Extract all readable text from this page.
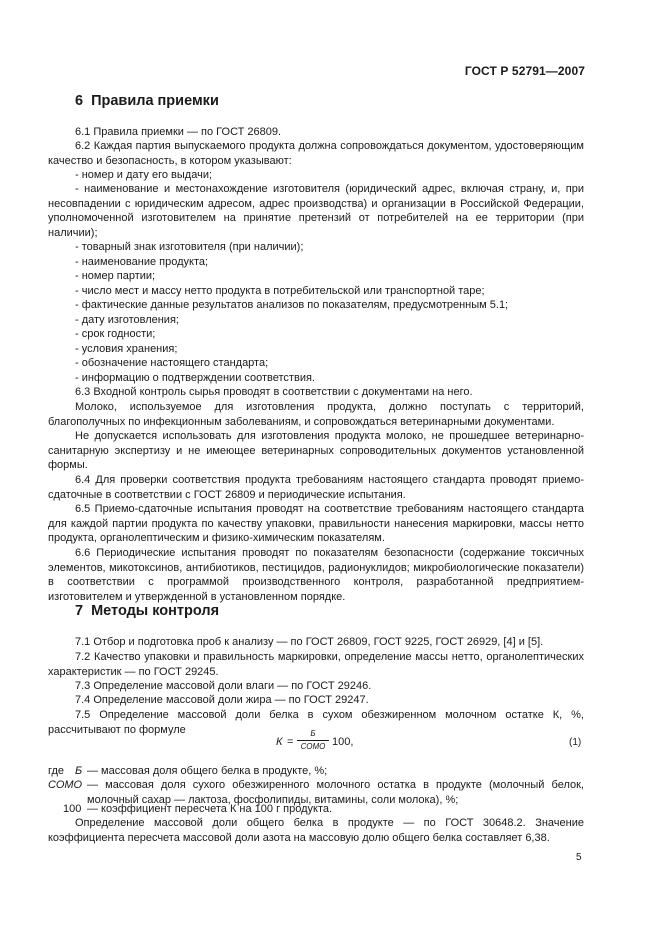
ГОСТ Р 52791—2007
6 Правила приемки

6.1 Правила приемки — по ГОСТ 26809.

6.2 Каждая партия выпускаемого продукта должна сопровождаться документом, удостоверяющим качество и безопасность, в котором указывают:

- номер и дату его выдачи;

- наименование и местонахождение изготовителя (юридический адрес, включая страну, и, при несовпадении с юридическим адресом, адрес производства) и организации в Российской Федерации, уполномоченной изготовителем на принятие претензий от потребителей на ее территории (при наличии);

- товарный знак изготовителя (при наличии);

- наименование продукта;

- номер партии;

- число мест и массу нетто продукта в потребительской или транспортной таре;

- фактические данные результатов анализов по показателям, предусмотренным 5.1;

- дату изготовления;

- срок годности;

- условия хранения;

- обозначение настоящего стандарта;

- информацию о подтверждении соответствия.

6.3 Входной контроль сырья проводят в соответствии с документами на него.

Молоко, используемое для изготовления продукта, должно поступать с территорий, благополучных по инфекционным заболеваниям, и сопровождаться ветеринарными документами.

Не допускается использовать для изготовления продукта молоко, не прошедшее ветеринарно-санитарную экспертизу и не имеющее ветеринарных сопроводительных документов установленной формы.

6.4 Для проверки соответствия продукта требованиям настоящего стандарта проводят приемо-сдаточные в соответствии с ГОСТ 26809 и периодические испытания.

6.5 Приемо-сдаточные испытания проводят на соответствие требованиям настоящего стандарта для каждой партии продукта по качеству упаковки, правильности нанесения маркировки, массы нетто продукта, органолептическим и физико-химическим показателям.

6.6 Периодические испытания проводят по показателям безопасности (содержание токсичных элементов, микотоксинов, антибиотиков, пестицидов, радионуклидов; микробиологические показатели) в соответствии с программой производственного контроля, разработанной предприятием-изготовителем и утвержденной в установленном порядке.

7 Методы контроля

7.1 Отбор и подготовка проб к анализу — по ГОСТ 26809, ГОСТ 9225, ГОСТ 26929, [4] и [5].

7.2 Качество упаковки и правильность маркировки, определение массы нетто, органолептических характеристик — по ГОСТ 29245.

7.3 Определение массовой доли влаги — по ГОСТ 29246.

7.4 Определение массовой доли жира — по ГОСТ 29247.

7.5 Определение массовой доли белка в сухом обезжиренном молочном остатке К, %, рассчитывают по формуле

К =
Б
СОМО 100,	(1)
где Б — массовая доля общего белка в продукте, %;
СОМО — массовая доля сухого обезжиренного молочного остатка в продукте (молочный белок, молочный сахар — лактоза, фосфолипиды, витамины, соли молока), %;
100 — коэффициент пересчета К на 100 г продукта.

Определение массовой доли общего белка в продукте — по ГОСТ 30648.2. Значение коэффициента пересчета массовой доли азота на массовую долю общего белка составляет 6,38.

5
